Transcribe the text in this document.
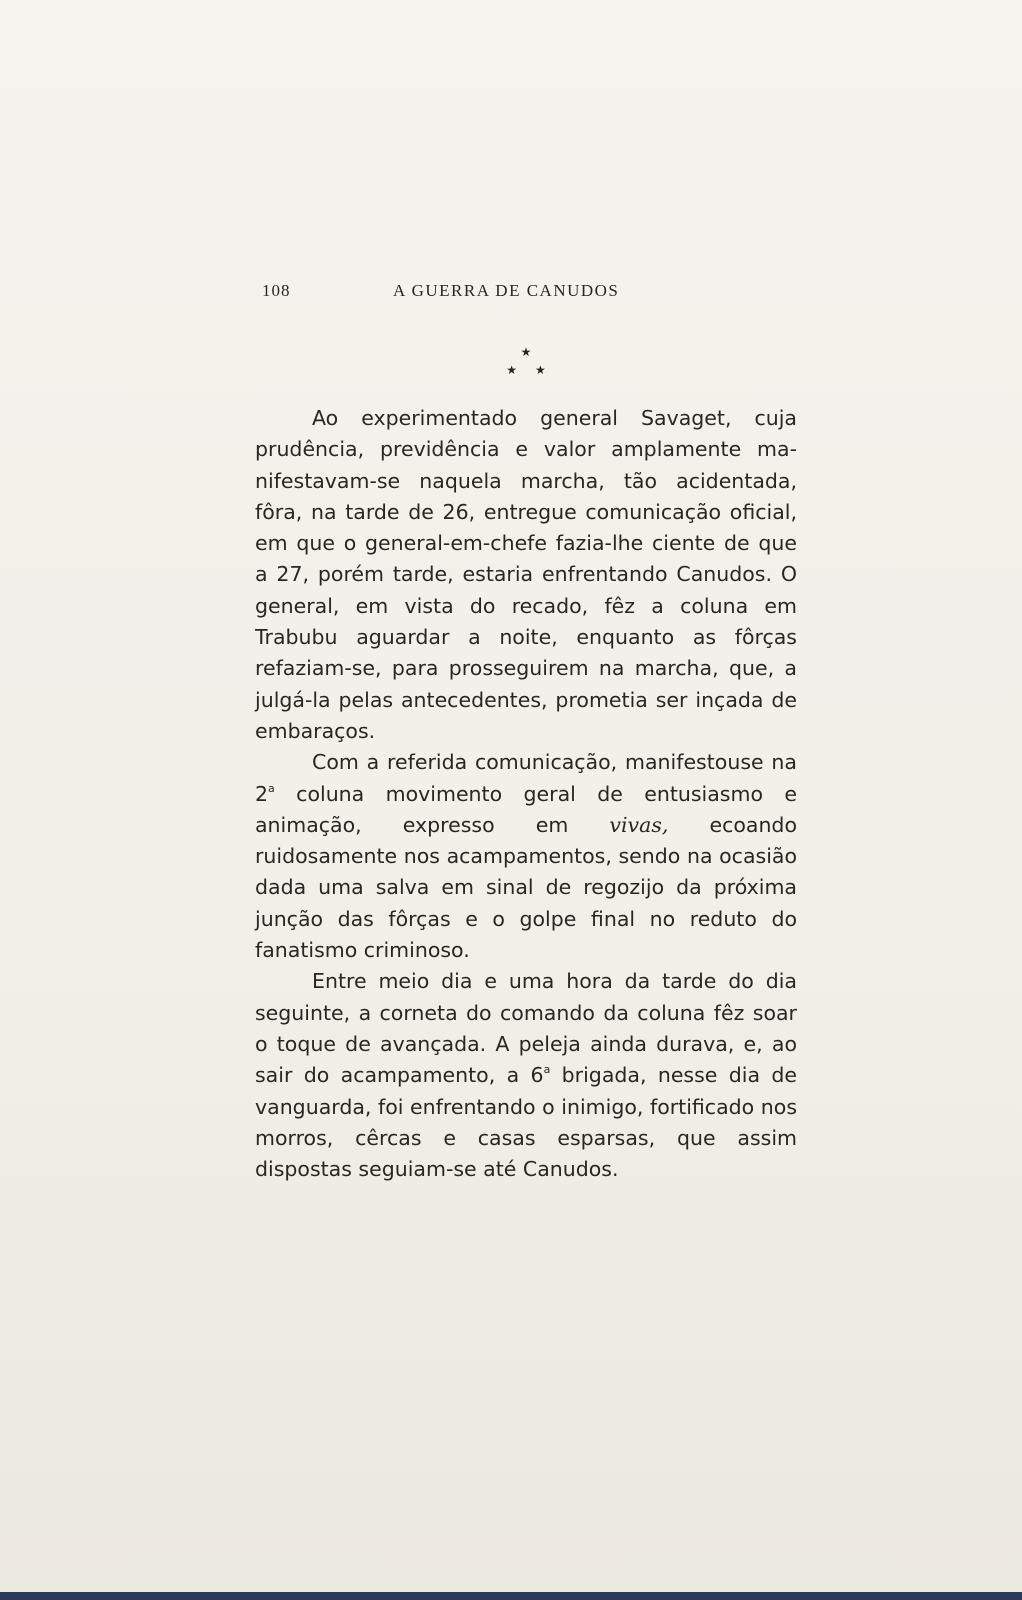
108	A GUERRA DE CANUDOS
★
★ ★

Ao experimentado general Savaget, cuja prudência, previdência e valor amplamente manifestavam-se naquela marcha, tão acidentada, fôra, na tarde de 26, entregue comunicação oficial, em que o general-em-chefe fazia-lhe ciente de que a 27, porém tarde, estaria enfrentando Canudos. O general, em vista do recado, fêz a coluna em Trabubu aguardar a noite, enquanto as fôrças refaziam-se, para prosseguirem na marcha, que, a julgá-la pelas antecedentes, prometia ser inçada de embaraços.

Com a referida comunicação, manifestouse na 2$^a$ coluna movimento geral de entusiasmo e animação, expresso em vivas, ecoando ruidosamente nos acampamentos, sendo na ocasião dada uma salva em sinal de regozijo da próxima junção das fôrças e o golpe final no reduto do fanatismo criminoso.

Entre meio dia e uma hora da tarde do dia seguinte, a corneta do comando da coluna fêz soar o toque de avançada. A peleja ainda durava, e, ao sair do acampamento, a 6$^a$ brigada, nesse dia de vanguarda, foi enfrentando o inimigo, fortificado nos morros, cêrcas e casas esparsas, que assim dispostas seguiam-se até Canudos.
